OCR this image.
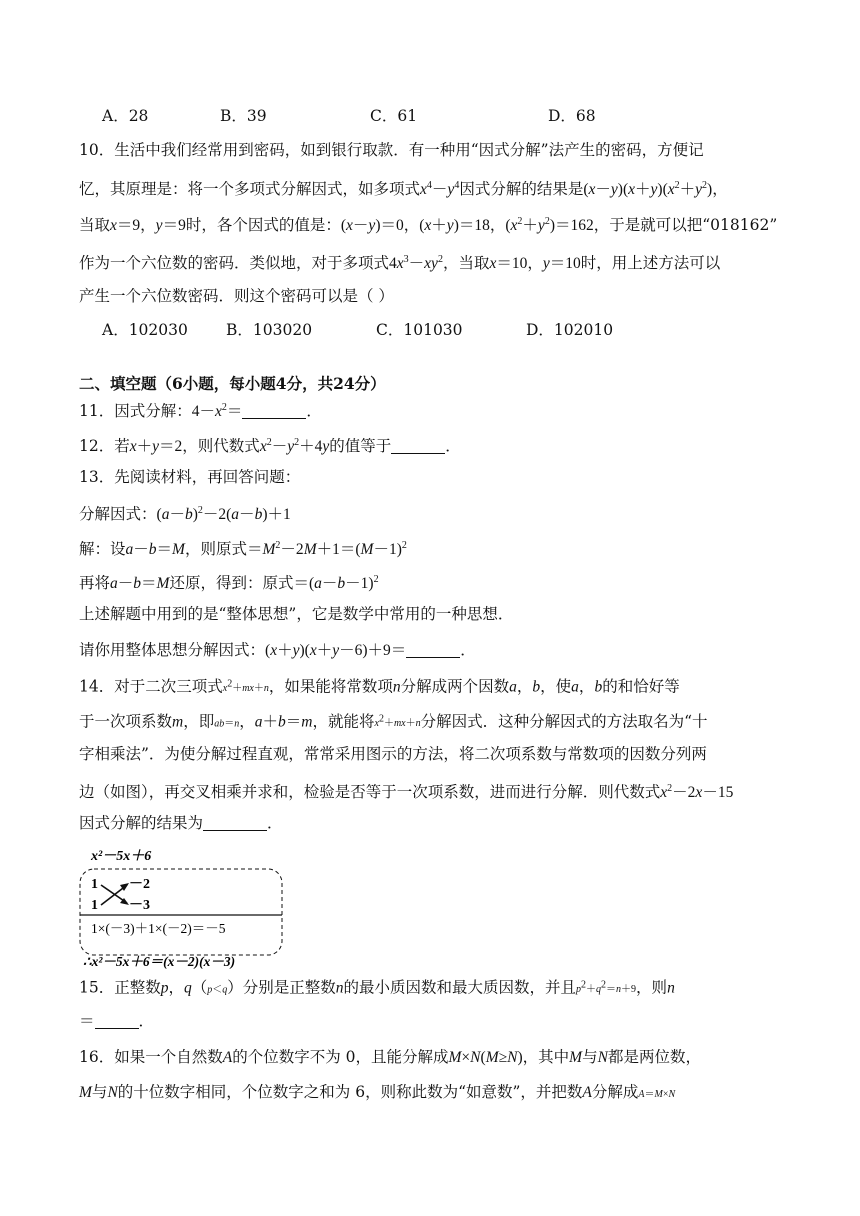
A．28	B．39	C．61	D．68
10．生活中我们经常用到密码，如到银行取款．有一种用“因式分解”法产生的密码，方便记
忆，其原理是：将一个多项式分解因式，如多项式$x^4-y^4$因式分解的结果是$(x-y)(x+y)(x^2+y^2)$，
当取x＝9，y＝9时，各个因式的值是：(x－y)＝0，(x＋y)＝18，$(x^2+y^2)=162$，于是就可以把“018162”
作为一个六位数的密码．类似地，对于多项式$4x^3-xy^2$，当取x＝10，y＝10时，用上述方法可以
产生一个六位数密码．则这个密码可以是（ ）
A．102030 B．103020	C．101030	D．102010
二、填空题（6小题，每小题4分，共24分）
11．因式分解：$4-x^2=$	．
12．若x＋y＝2，则代数式$x^2-y^2+4y$的值等于	．
13．先阅读材料，再回答问题：
分解因式：$(a-b)^2-2(a-b)+1$
解：设a－b＝M，则原式$=M^2-2M+1=(M-1)^2$
再将a－b＝M还原，得到：原式$=(a-b-1)^2$
上述解题中用到的是“整体思想”，它是数学中常用的一种思想．
请你用整体思想分解因式：(x＋y)(x＋y－6)＋9＝	．
14．对于二次三项式$x^2+mx+n$，如果能将常数项n分解成两个因数a，b，使a，b的和恰好等
于一次项系数m，即ab＝n，a＋b＝m，就能将$x^2+mx+n$分解因式．这种分解因式的方法取名为“十
字相乘法”．为使分解过程直观，常常采用图示的方法，将二次项系数与常数项的因数分列两
边（如图），再交叉相乘并求和，检验是否等于一次项系数，进而进行分解．则代数式$x^2-2x-15$
因式分解的结果为	．
x²－5x＋6
1 －2
1 －3
1×(－3)＋1×(－2)＝－5
∴x²－5x＋6＝(x－2)(x－3)
15．正整数p，q（p＜q）分别是正整数n的最小质因数和最大质因数，并且$p^2+q^2=n+9$，则n
＝	．
16．如果一个自然数A的个位数字不为 0，且能分解成M×N(M≥N)，其中M与N都是两位数，
M与N的十位数字相同，个位数字之和为 6，则称此数为“如意数”，并把数A分解成A＝M×N
